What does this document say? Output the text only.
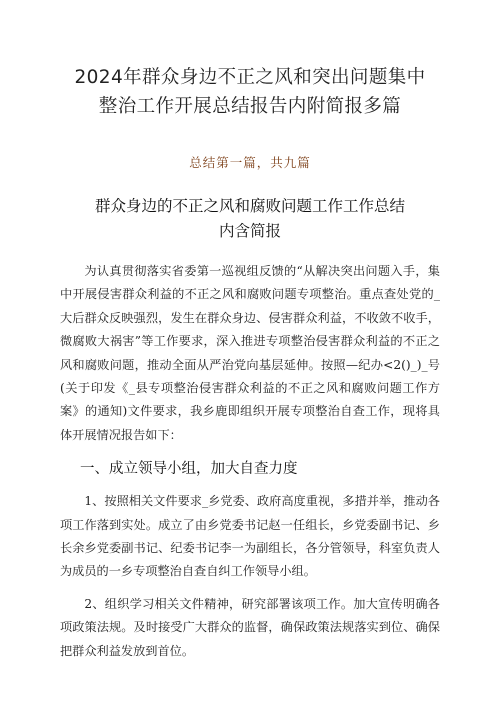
2024年群众身边不正之风和突出问题集中
整治工作开展总结报告内附简报多篇
总结第一篇，共九篇
群众身边的不正之风和腐败问题工作工作总结
内含简报

为认真贯彻落实省委第一巡视组反馈的“从解决突出问题入手，集中开展侵害群众利益的不正之风和腐败问题专项整治。重点查处党的_大后群众反映强烈，发生在群众身边、侵害群众利益，不收敛不收手，微腐败大祸害”等工作要求，深入推进专项整治侵害群众利益的不正之风和腐败问题，推动全面从严治党向基层延伸。按照—纪办<2()_)_号(关于印发《_县专项整治侵害群众利益的不正之风和腐败问题工作方案》的通知)文件要求，我乡鹿即组织开展专项整治自查工作，现将具体开展情况报告如下：

一、成立领导小组，加大自查力度

1、按照相关文件要求_乡党委、政府高度重视，多措并举，推动各项工作落到实处。成立了由乡党委书记赵一任组长，乡党委副书记、乡长余乡党委副书记、纪委书记李一为副组长，各分管领导，科室负责人为成员的一乡专项整治自查自纠工作领导小组。

2、组织学习相关文件精神，研究部署该项工作。加大宣传明确各项政策法规。及时接受广大群众的监督，确保政策法规落实到位、确保把群众利益发放到首位。
